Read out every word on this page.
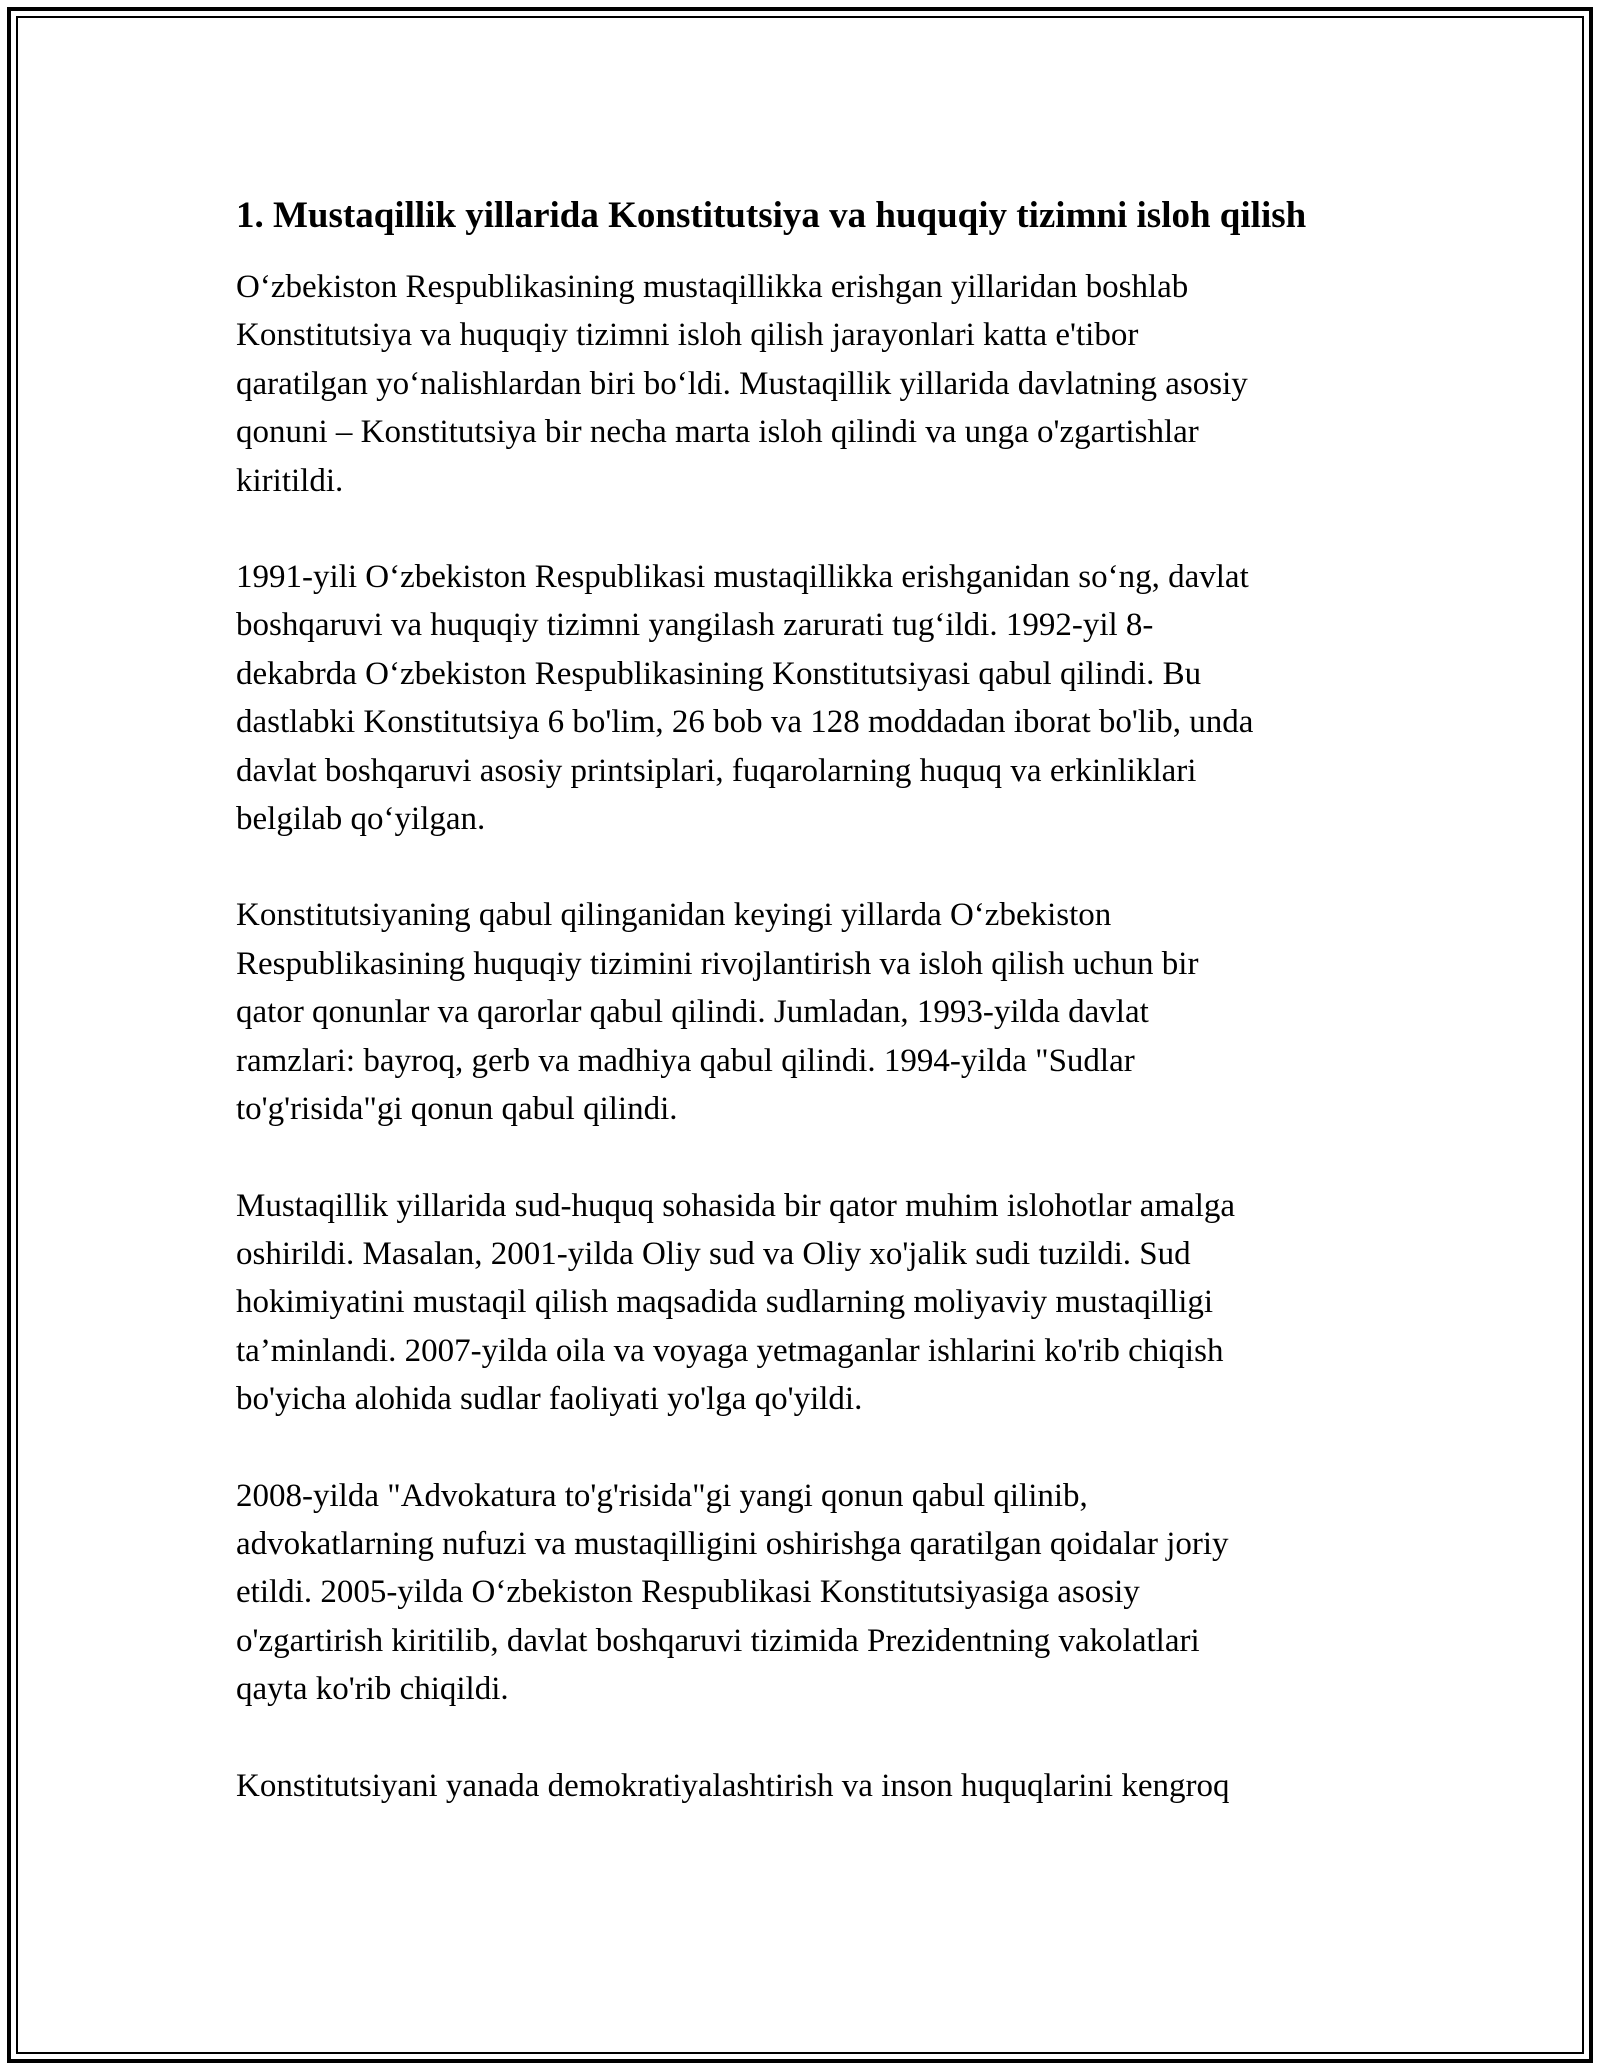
1. Mustaqillik yillarida Konstitutsiya va huquqiy tizimni isloh qilish

O‘zbekiston Respublikasining mustaqillikka erishgan yillaridan boshlab
Konstitutsiya va huquqiy tizimni isloh qilish jarayonlari katta e'tibor
qaratilgan yo‘nalishlardan biri bo‘ldi. Mustaqillik yillarida davlatning asosiy
qonuni – Konstitutsiya bir necha marta isloh qilindi va unga o'zgartishlar
kiritildi.

1991-yili O‘zbekiston Respublikasi mustaqillikka erishganidan so‘ng, davlat
boshqaruvi va huquqiy tizimni yangilash zarurati tug‘ildi. 1992-yil 8-
dekabrda O‘zbekiston Respublikasining Konstitutsiyasi qabul qilindi. Bu
dastlabki Konstitutsiya 6 bo'lim, 26 bob va 128 moddadan iborat bo'lib, unda
davlat boshqaruvi asosiy printsiplari, fuqarolarning huquq va erkinliklari
belgilab qo‘yilgan.

Konstitutsiyaning qabul qilinganidan keyingi yillarda O‘zbekiston
Respublikasining huquqiy tizimini rivojlantirish va isloh qilish uchun bir
qator qonunlar va qarorlar qabul qilindi. Jumladan, 1993-yilda davlat
ramzlari: bayroq, gerb va madhiya qabul qilindi. 1994-yilda "Sudlar
to'g'risida"gi qonun qabul qilindi.

Mustaqillik yillarida sud-huquq sohasida bir qator muhim islohotlar amalga
oshirildi. Masalan, 2001-yilda Oliy sud va Oliy xo'jalik sudi tuzildi. Sud
hokimiyatini mustaqil qilish maqsadida sudlarning moliyaviy mustaqilligi
ta’minlandi. 2007-yilda oila va voyaga yetmaganlar ishlarini ko'rib chiqish
bo'yicha alohida sudlar faoliyati yo'lga qo'yildi.

2008-yilda "Advokatura to'g'risida"gi yangi qonun qabul qilinib,
advokatlarning nufuzi va mustaqilligini oshirishga qaratilgan qoidalar joriy
etildi. 2005-yilda O‘zbekiston Respublikasi Konstitutsiyasiga asosiy
o'zgartirish kiritilib, davlat boshqaruvi tizimida Prezidentning vakolatlari
qayta ko'rib chiqildi.

Konstitutsiyani yanada demokratiyalashtirish va inson huquqlarini kengroq
